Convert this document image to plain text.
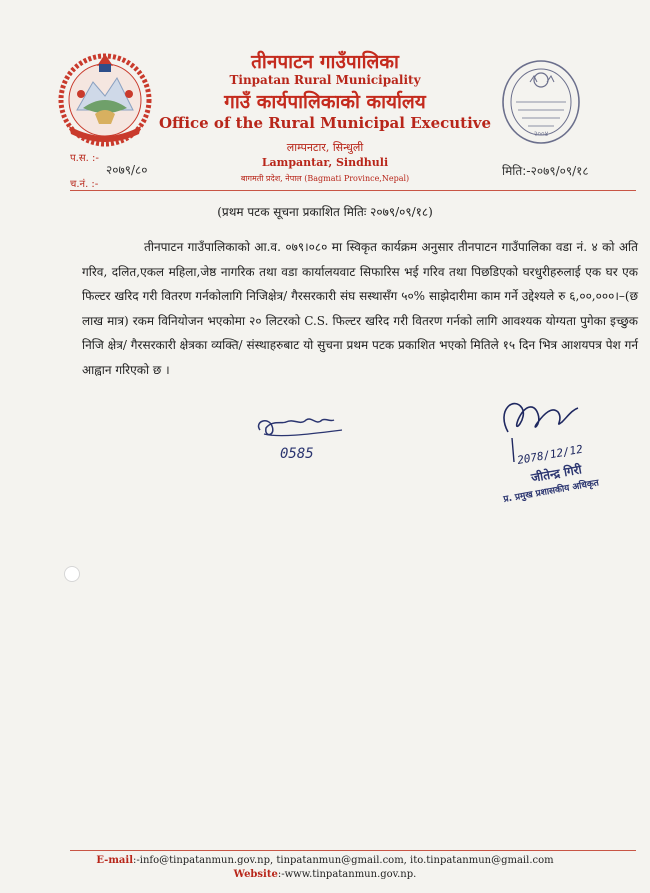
२००४
तीनपाटन गाउँपालिका
Tinpatan Rural Municipality
गाउँ कार्यपालिकाको कार्यालय
Office of the Rural Municipal Executive
लाम्पनटार, सिन्धुली
Lampantar, Sindhuli
बागमती प्रदेश, नेपाल (Bagmati Province,Nepal)
प.स. :-
२०७९/८०
च.नं. :-
मिति:-२०७९/०९/१८
(प्रथम पटक सूचना प्रकाशित मितिः २०७९/०९/१८)
तीनपाटन गाउँपालिकाको आ.व. ०७९।०८० मा स्विकृत कार्यक्रम अनुसार तीनपाटन गाउँपालिका वडा नं. ४ को अति गरिव, दलित,एकल महिला,जेष्ठ नागरिक तथा वडा कार्यालयवाट सिफारिस भई गरिव तथा पिछडिएको घरधुरीहरुलाई एक घर एक फिल्टर खरिद गरी वितरण गर्नकोलागि निजिक्षेत्र/ गैरसरकारी संघ सस्थासँग ५०% साझेदारीमा काम गर्ने उद्देश्यले रु ६,००,०००।–(छ लाख मात्र) रकम विनियोजन भएकोमा २० लिटरको C.S. फिल्टर खरिद गरी वितरण गर्नको लागि आवश्यक योग्यता पुगेका इच्छुक निजि क्षेत्र/ गैरसरकारी क्षेत्रका व्यक्ति/ संस्थाहरुबाट यो सुचना प्रथम पटक प्रकाशित भएको मितिले १५ दिन भित्र आशयपत्र पेश गर्न आह्वान गरिएको छ ।
0585	2078/12/12
जीतेन्द्र गिरी
प्र. प्रमुख प्रशासकीय अधिकृत
E-mail:-info@tinpatanmun.gov.np, tinpatanmun@gmail.com, ito.tinpatanmun@gmail.com
Website:-www.tinpatanmun.gov.np.
